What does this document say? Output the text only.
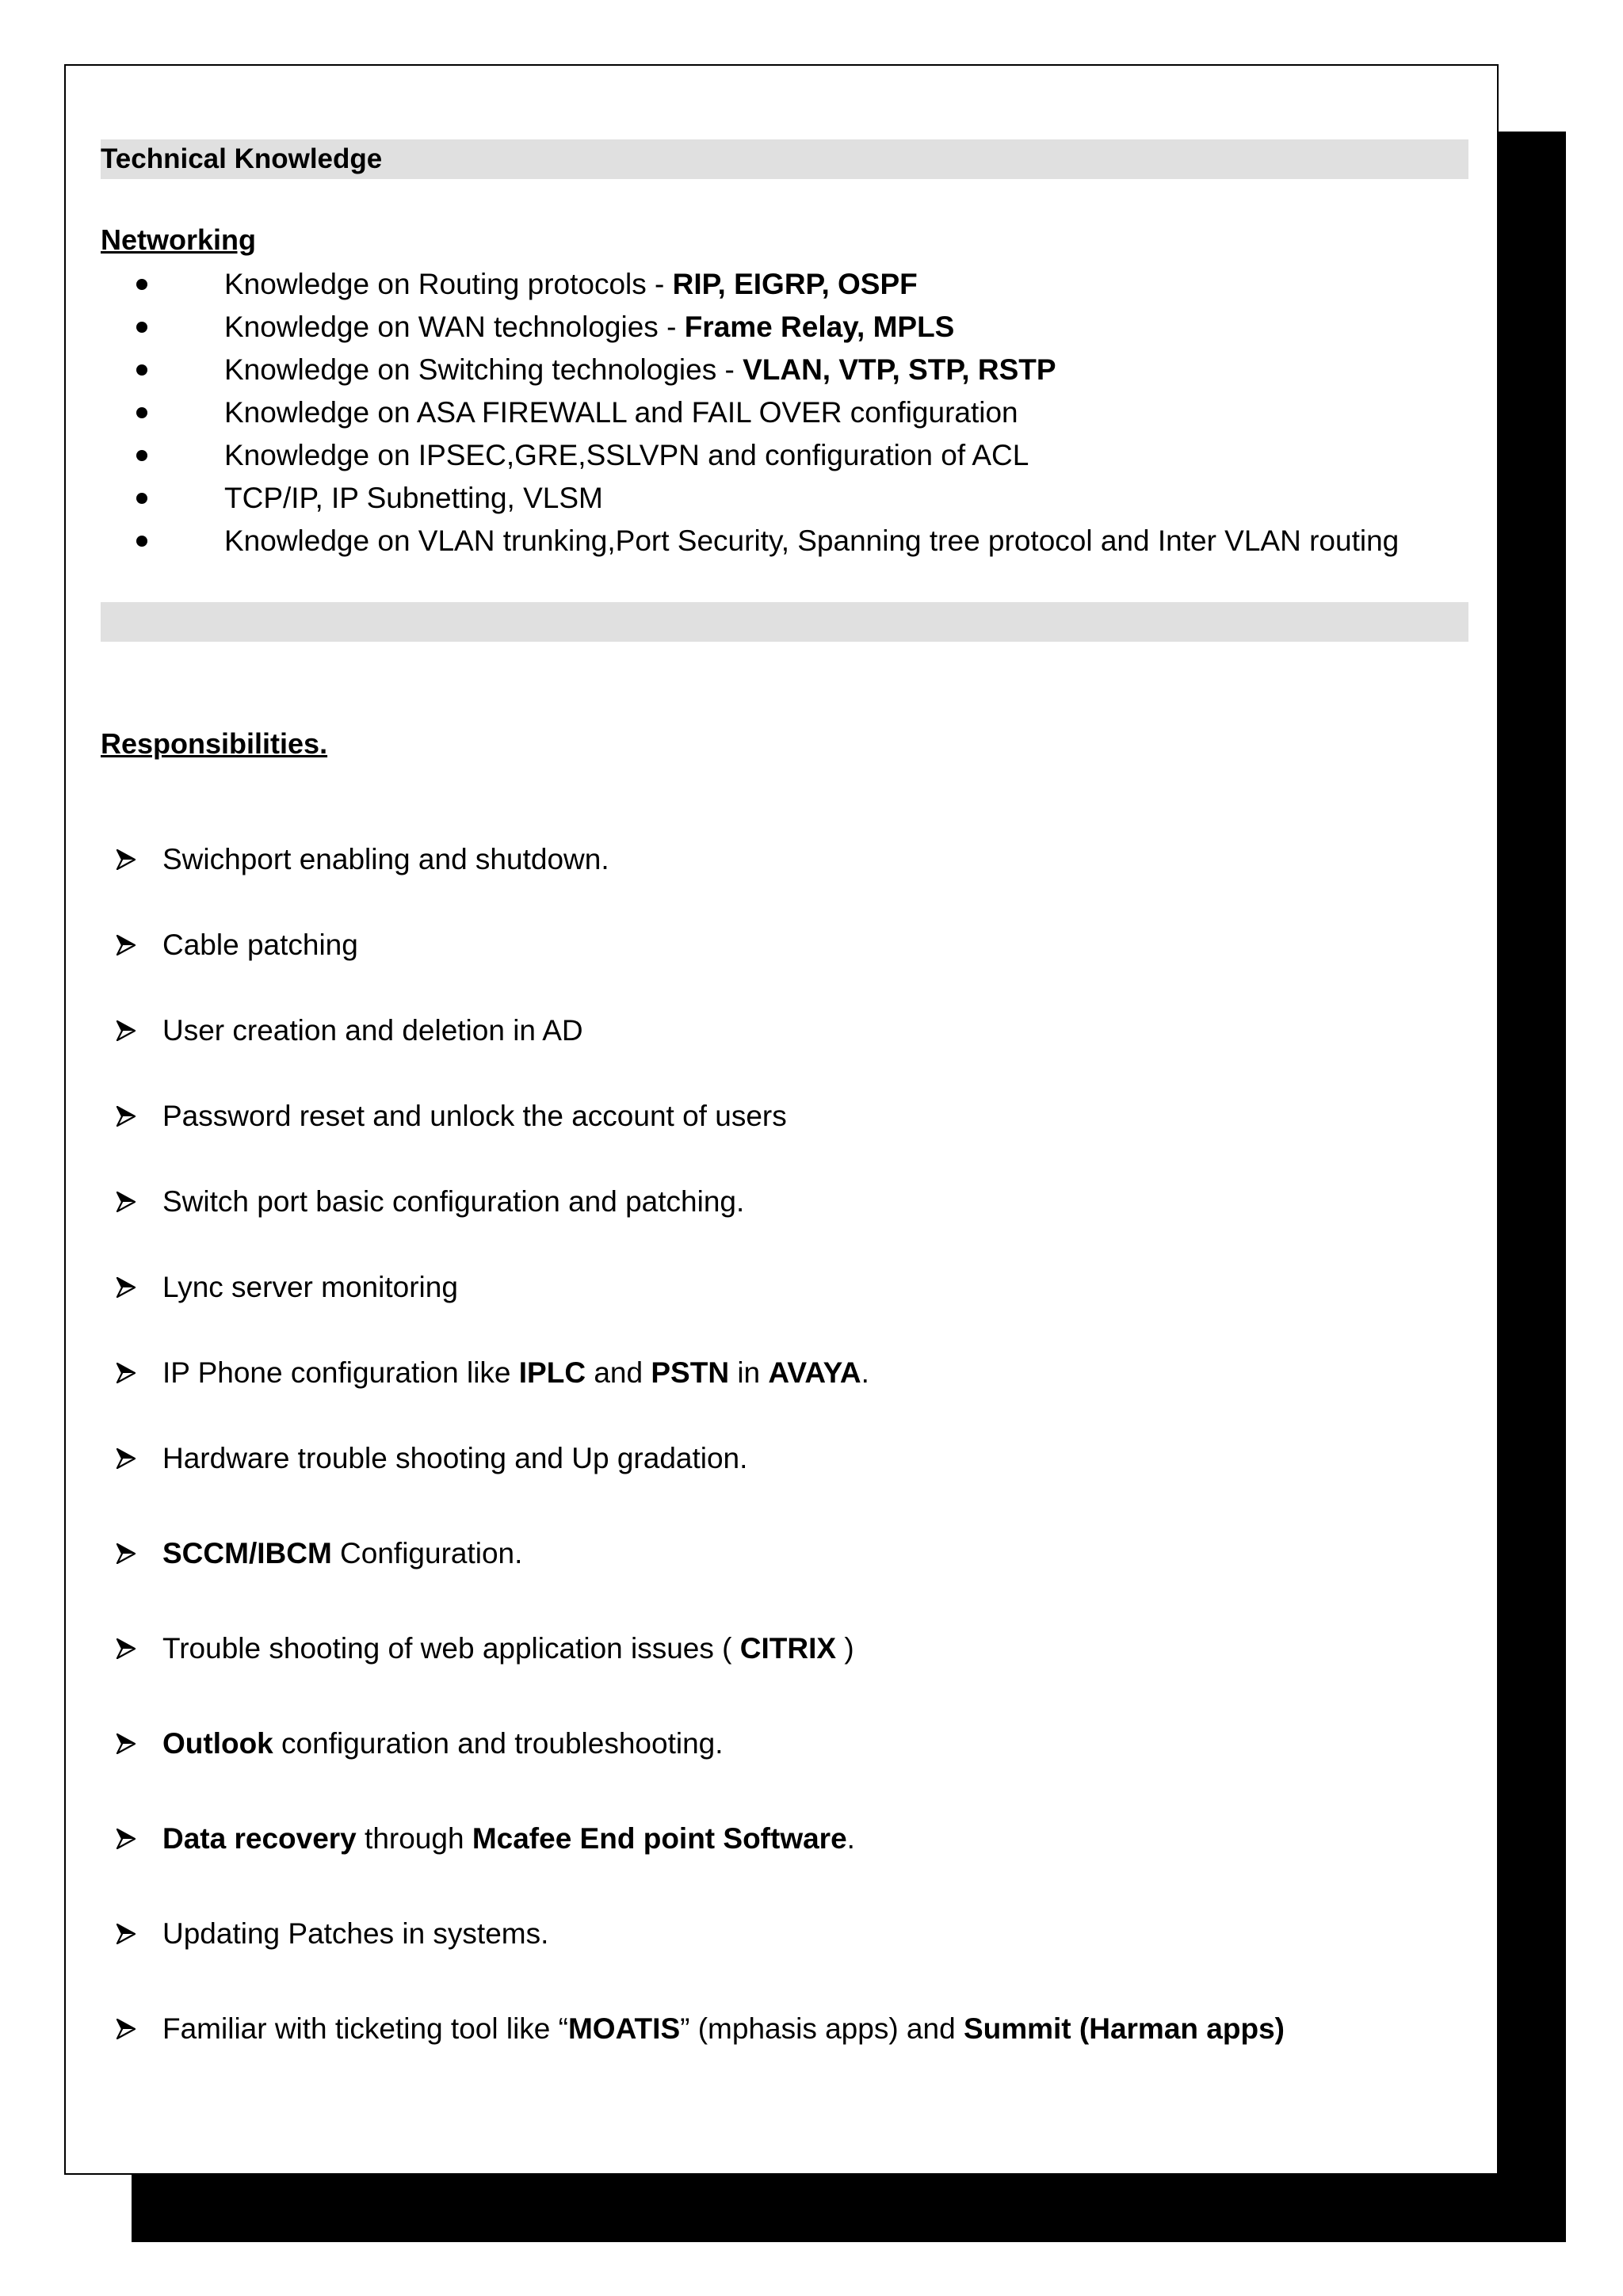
Technical Knowledge
Networking
Knowledge on Routing protocols - RIP, EIGRP, OSPF
Knowledge on WAN technologies - Frame Relay, MPLS
Knowledge on Switching technologies - VLAN, VTP, STP, RSTP
Knowledge on ASA FIREWALL and FAIL OVER configuration
Knowledge on IPSEC,GRE,SSLVPN and configuration of ACL
TCP/IP, IP Subnetting, VLSM
Knowledge on VLAN trunking,Port Security, Spanning tree protocol and Inter VLAN routing
Responsibilities.
Swichport enabling and shutdown.
Cable patching
User creation and deletion in AD
Password reset and unlock the account of users
Switch port basic configuration and patching.
Lync server monitoring
IP Phone configuration like IPLC and PSTN in AVAYA.
Hardware trouble shooting and Up gradation.
SCCM/IBCM Configuration.
Trouble shooting of web application issues ( CITRIX )
Outlook configuration and troubleshooting.
Data recovery through Mcafee End point Software.
Updating Patches in systems.
Familiar with ticketing tool like “MOATIS” (mphasis apps) and Summit (Harman apps)
